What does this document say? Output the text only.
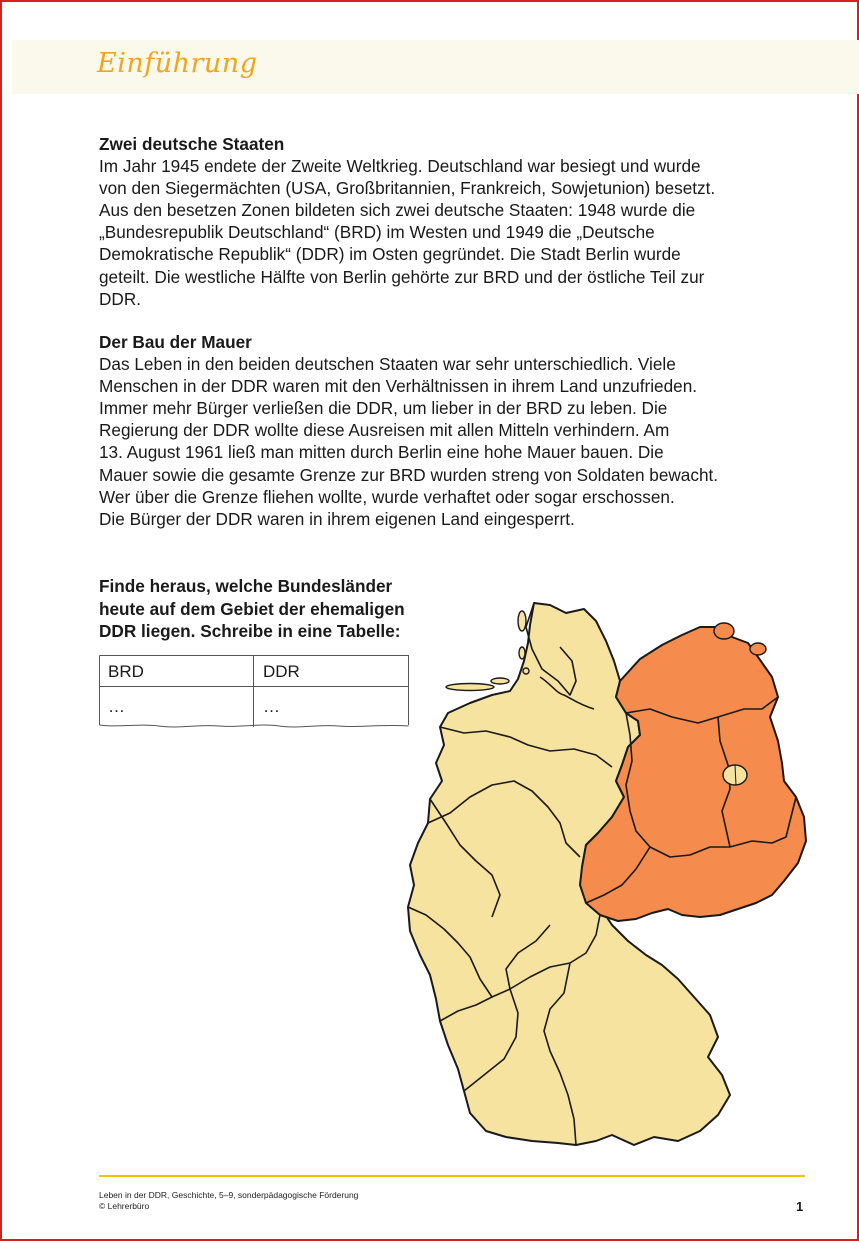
Einführung
Zwei deutsche Staaten

Im Jahr 1945 endete der Zweite Weltkrieg. Deutschland war besiegt und wurde
von den Siegermächten (USA, Großbritannien, Frankreich, Sowjetunion) besetzt.
Aus den besetzen Zonen bildeten sich zwei deutsche Staaten: 1948 wurde die
„Bundesrepublik Deutschland“ (BRD) im Westen und 1949 die „Deutsche
Demokratische Republik“ (DDR) im Osten gegründet. Die Stadt Berlin wurde
geteilt. Die westliche Hälfte von Berlin gehörte zur BRD und der östliche Teil zur
DDR.

Der Bau der Mauer

Das Leben in den beiden deutschen Staaten war sehr unterschiedlich. Viele
Menschen in der DDR waren mit den Verhältnissen in ihrem Land unzufrieden.
Immer mehr Bürger verließen die DDR, um lieber in der BRD zu leben. Die
Regierung der DDR wollte diese Ausreisen mit allen Mitteln verhindern. Am
13. August 1961 ließ man mitten durch Berlin eine hohe Mauer bauen. Die
Mauer sowie die gesamte Grenze zur BRD wurden streng von Soldaten bewacht.
Wer über die Grenze fliehen wollte, wurde verhaftet oder sogar erschossen.
Die Bürger der DDR waren in ihrem eigenen Land eingesperrt.

Finde heraus, welche Bundesländer
heute auf dem Gebiet der ehemaligen
DDR liegen. Schreibe in eine Tabelle:
BRD	DDR
…	…
Leben in der DDR, Geschichte, 5–9, sonderpädagogische Förderung
© Lehrerbüro	1
